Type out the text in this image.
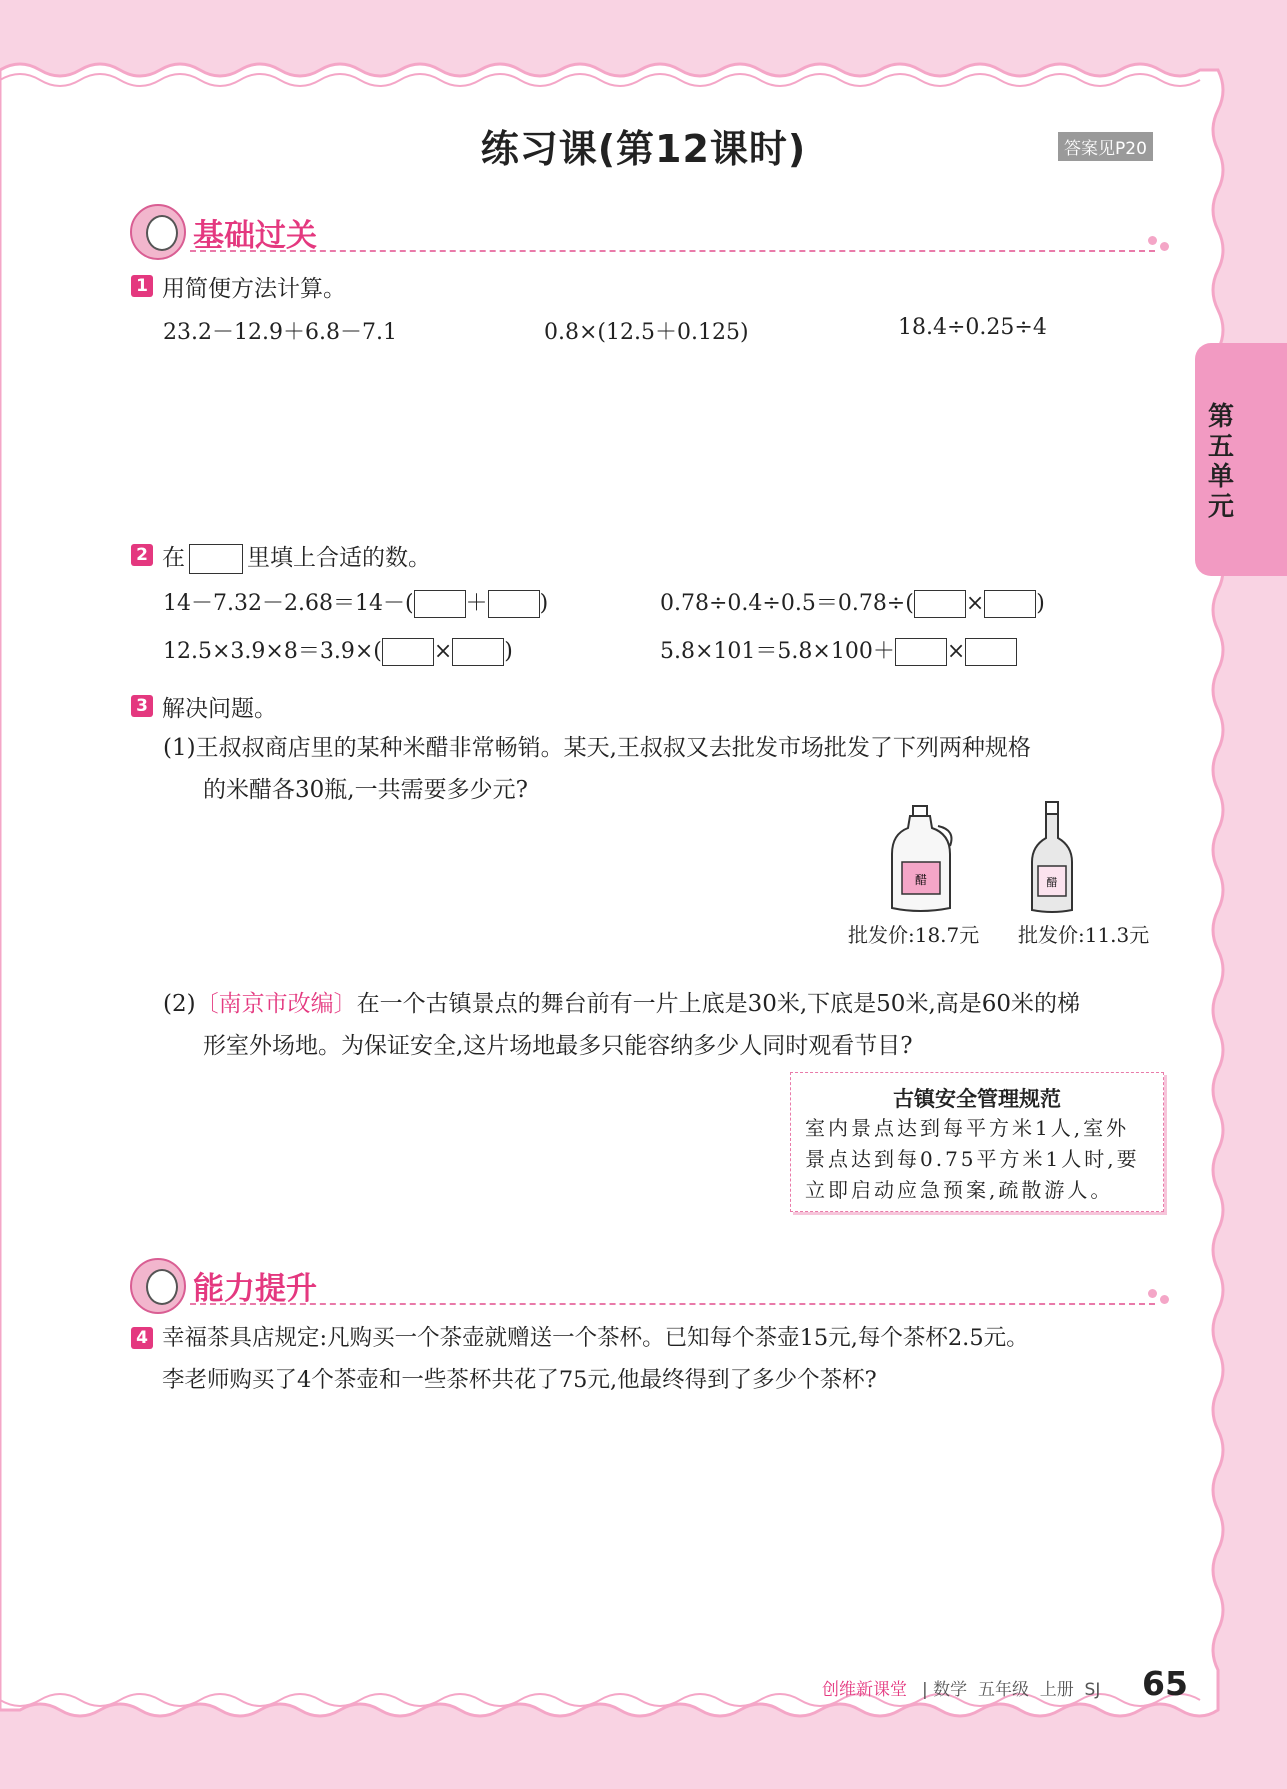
练习课(第12课时)	答案见P20
第五单元
基础过关
1 用简便方法计算。
23.2－12.9＋6.8－7.1	0.8×(12.5＋0.125)	18.4÷0.25÷4
2 在	里填上合适的数。
14－7.32－2.68＝14－( ＋ )	0.78÷0.4÷0.5＝0.78÷( × )
12.5×3.9×8＝3.9×( × )	5.8×101＝5.8×100＋ ×
3 解决问题。
(1)王叔叔商店里的某种米醋非常畅销。某天,王叔叔又去批发市场批发了下列两种规格
的米醋各30瓶,一共需要多少元?
醋	醋
批发价:18.7元 批发价:11.3元
(2)〔南京市改编〕在一个古镇景点的舞台前有一片上底是30米,下底是50米,高是60米的梯
形室外场地。为保证安全,这片场地最多只能容纳多少人同时观看节目?
古镇安全管理规范
室内景点达到每平方米1人,室外景点达到每0.75平方米1人时,要立即启动应急预案,疏散游人。
能力提升
4 幸福茶具店规定:凡购买一个茶壶就赠送一个茶杯。已知每个茶壶15元,每个茶杯2.5元。
李老师购买了4个茶壶和一些茶杯共花了75元,他最终得到了多少个茶杯?
创维新课堂 | 数学  五年级  上册  SJ 65
